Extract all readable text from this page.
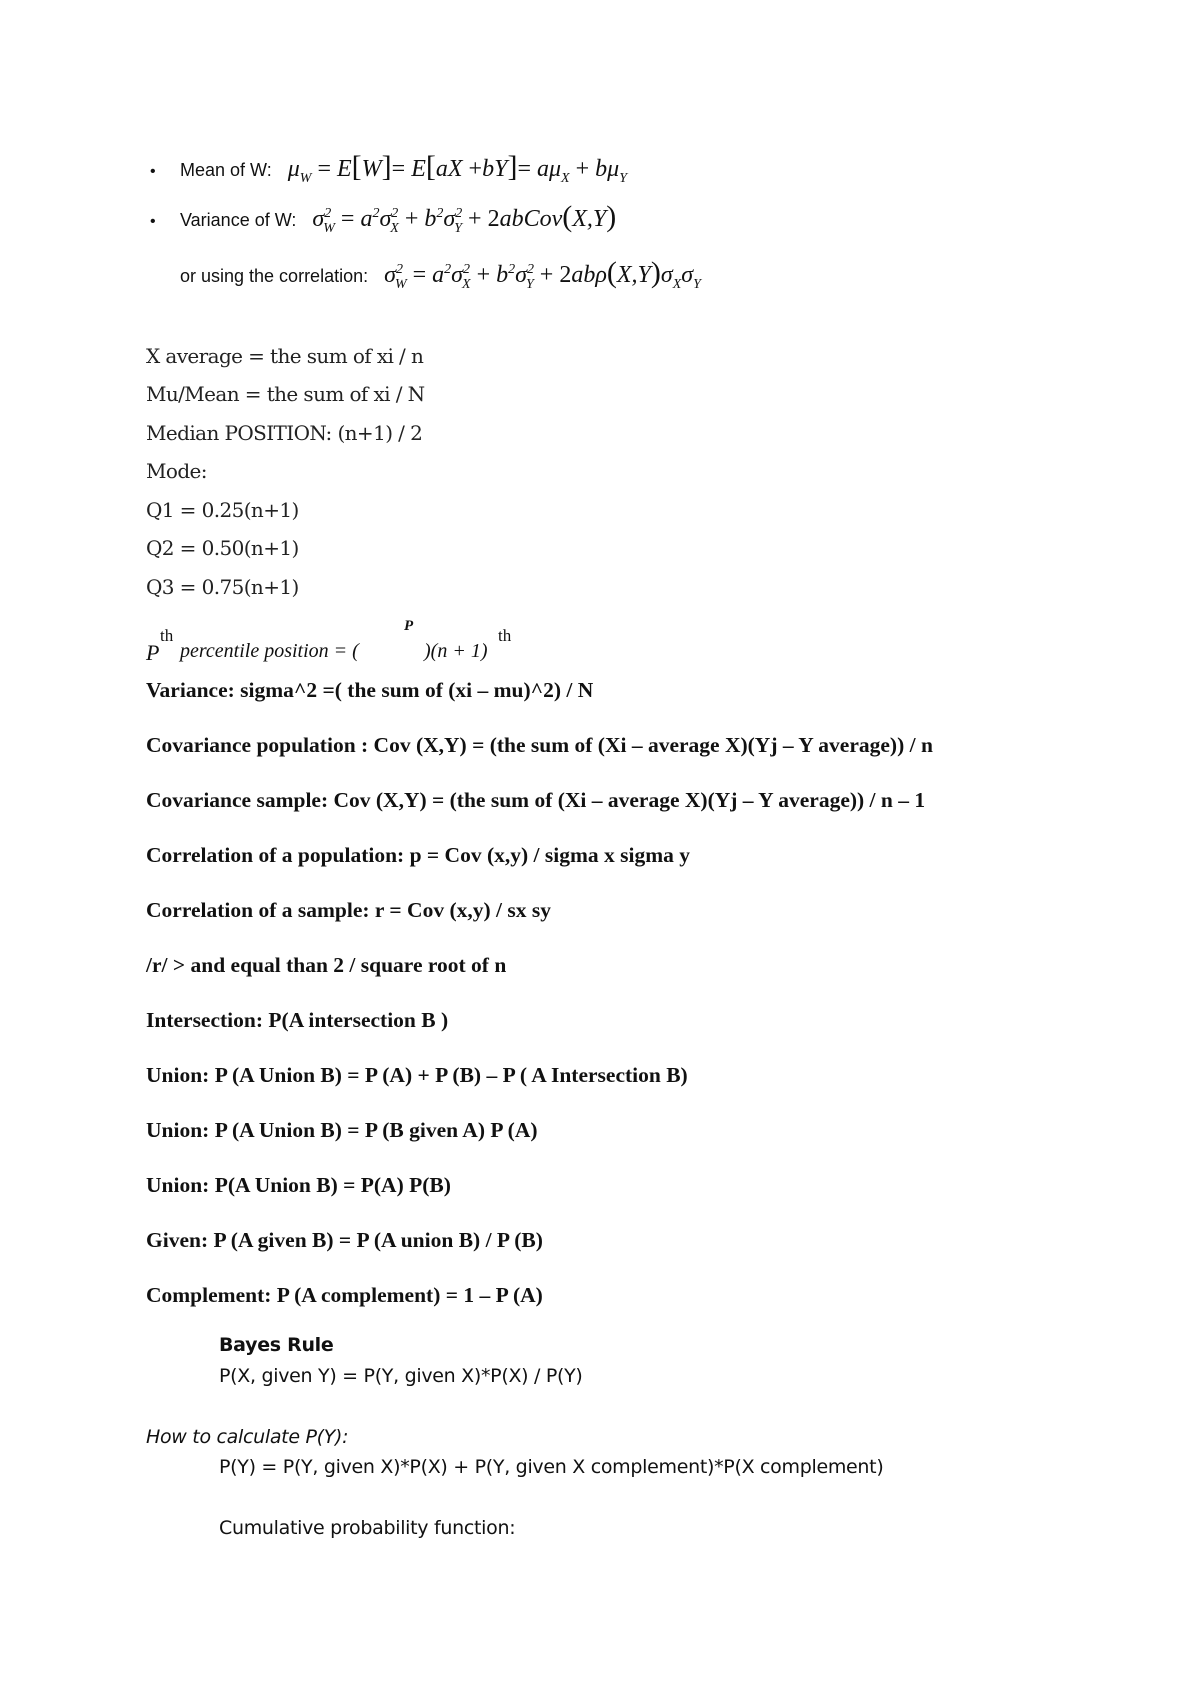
•	Mean of W: $\mu_W = E[W]= E[aX +bY]= a\mu_X + b\mu_Y$
•	Variance of W: $\sigma^2_W = a^2\sigma^2_X + b^2\sigma^2_Y$ + 2abCov(X,Y)
or using the correlation: $\sigma^2_W = a^2\sigma^2_X + b^2\sigma^2_Y + 2ab\rho(X,Y)\sigma_X\sigma_Y$
X average = the sum of xi / n
Mu/Mean = the sum of xi / N
Median POSITION: (n+1) / 2
Mode:
Q1 = 0.25(n+1)
Q2 = 0.50(n+1)
Q3 = 0.75(n+1)
P
th
percentile position = (
P
)(n + 1)
th
Variance: sigma^2 =( the sum of (xi – mu)^2) / N
Covariance population : Cov (X,Y) = (the sum of (Xi – average X)(Yj – Y average)) / n
Covariance sample: Cov (X,Y) = (the sum of (Xi – average X)(Yj – Y average)) / n – 1
Correlation of a population: p = Cov (x,y) / sigma x sigma y
Correlation of a sample: r = Cov (x,y) / sx sy
/r/ > and equal than 2 / square root of n
Intersection: P(A intersection B )
Union: P (A Union B) = P (A) + P (B) – P ( A Intersection B)
Union: P (A Union B) = P (B given A) P (A)
Union: P(A Union B) = P(A) P(B)
Given: P (A given B) = P (A union B) / P (B)
Complement: P (A complement) = 1 – P (A)
Bayes Rule
P(X, given Y) = P(Y, given X)*P(X) / P(Y)
How to calculate P(Y):
P(Y) = P(Y, given X)*P(X) + P(Y, given X complement)*P(X complement)
Cumulative probability function:
